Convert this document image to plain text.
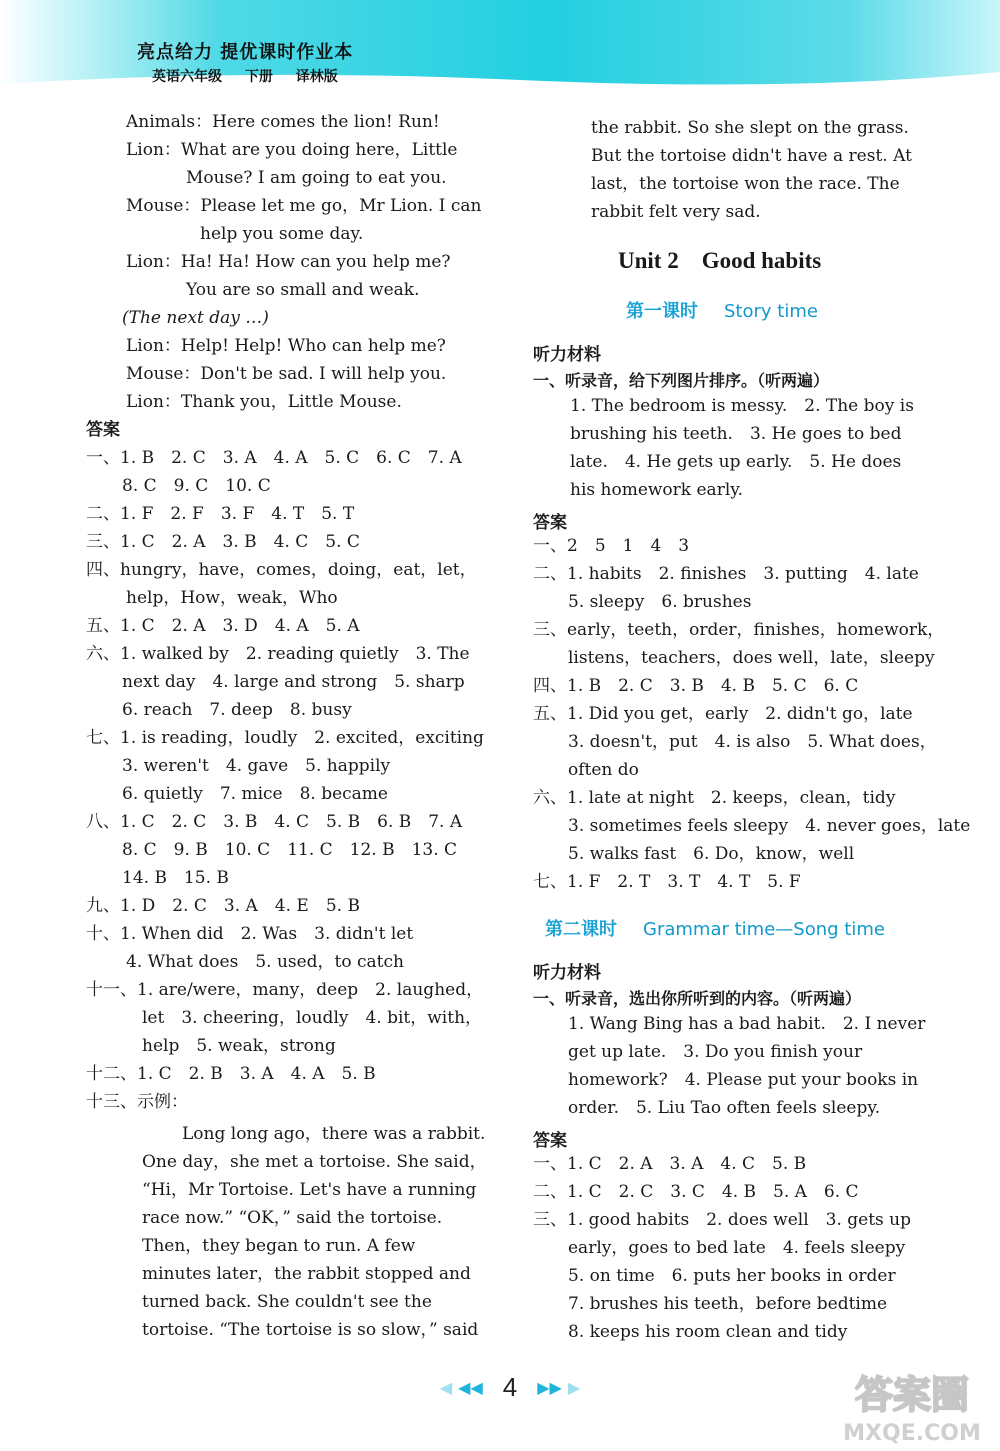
亮点给力 提优课时作业本
英语六年级 下册 译林版
Animals：Here comes the lion! Run!
Lion：What are you doing here，Little
Mouse? I am going to eat you.
Mouse：Please let me go，Mr Lion. I can
help you some day.
Lion：Ha! Ha! How can you help me?
You are so small and weak.
(The next day …)
Lion：Help! Help! Who can help me?
Mouse：Don't be sad. I will help you.
Lion：Thank you，Little Mouse.
答案
一、1. B　2. C　3. A　4. A　5. C　6. C　7. A
8. C　9. C　10. C
二、1. F　2. F　3. F　4. T　5. T
三、1. C　2. A　3. B　4. C　5. C
四、hungry，have，comes，doing，eat，let，
help，How，weak，Who
五、1. C　2. A　3. D　4. A　5. A
六、1. walked by　2. reading quietly　3. The
next day　4. large and strong　5. sharp
6. reach　7. deep　8. busy
七、1. is reading，loudly　2. excited，exciting
3. weren't　4. gave　5. happily
6. quietly　7. mice　8. became
八、1. C　2. C　3. B　4. C　5. B　6. B　7. A
8. C　9. B　10. C　11. C　12. B　13. C
14. B　15. B
九、1. D　2. C　3. A　4. E　5. B
十、1. When did　2. Was　3. didn't let
4. What does　5. used，to catch
十一、1. are/were，many，deep　2. laughed，
let　3. cheering，loudly　4. bit，with，
help　5. weak，strong
十二、1. C　2. B　3. A　4. A　5. B
十三、示例：
Long long ago，there was a rabbit.
One day，she met a tortoise. She said，
“Hi，Mr Tortoise. Let's have a running
race now.” “OK，” said the tortoise.
Then，they began to run. A few
minutes later，the rabbit stopped and
turned back. She couldn't see the
tortoise. “The tortoise is so slow，” said
Unit 2　Good habits
第一课时 Story time
第二课时 Grammar time—Song time
the rabbit. So she slept on the grass.
But the tortoise didn't have a rest. At
last，the tortoise won the race. The
rabbit felt very sad.
听力材料
一、听录音，给下列图片排序。（听两遍）
1. The bedroom is messy.　2. The boy is
brushing his teeth.　3. He goes to bed
late.　4. He gets up early.　5. He does
his homework early.
答案
一、2　5　1　4　3
二、1. habits　2. finishes　3. putting　4. late
5. sleepy　6. brushes
三、early，teeth，order，finishes，homework，
listens，teachers，does well，late，sleepy
四、1. B　2. C　3. B　4. B　5. C　6. C
五、1. Did you get，early　2. didn't go，late
3. doesn't，put　4. is also　5. What does，
often do
六、1. late at night　2. keeps，clean，tidy
3. sometimes feels sleepy　4. never goes，late
5. walks fast　6. Do，know，well
七、1. F　2. T　3. T　4. T　5. F
听力材料
一、听录音，选出你所听到的内容。（听两遍）
1. Wang Bing has a bad habit.　2. I never
get up late.　3. Do you finish your
homework?　4. Please put your books in
order.　5. Liu Tao often feels sleepy.
答案
一、1. C　2. A　3. A　4. C　5. B
二、1. C　2. C　3. C　4. B　5. A　6. C
三、1. good habits　2. does well　3. gets up
early，goes to bed late　4. feels sleepy
5. on time　6. puts her books in order
7. brushes his teeth，before bedtime
8. keeps his room clean and tidy
◀ ◀◀ 4 ▶▶ ▶	答案圈
MXQE.COM
